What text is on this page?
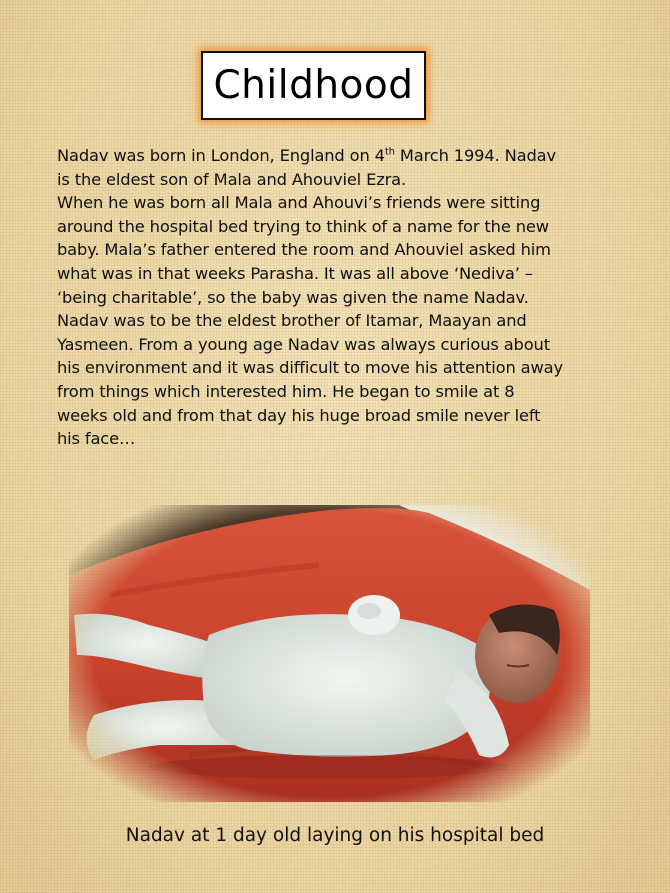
Childhood

Nadav was born in London, England on 4th March 1994. Nadav
is the eldest son of Mala and Ahouviel Ezra.
When he was born all Mala and Ahouvi’s friends were sitting
around the hospital bed trying to think of a name for the new
baby. Mala’s father entered the room and Ahouviel asked him
what was in that weeks Parasha. It was all above ‘Nediva’ –
‘being charitable’, so the baby was given the name Nadav.
Nadav was to be the eldest brother of Itamar, Maayan and
Yasmeen. From a young age Nadav was always curious about
his environment and it was difficult to move his attention away
from things which interested him. He began to smile at 8
weeks old and from that day his huge broad smile never left
his face…

Nadav at 1 day old laying on his hospital bed
